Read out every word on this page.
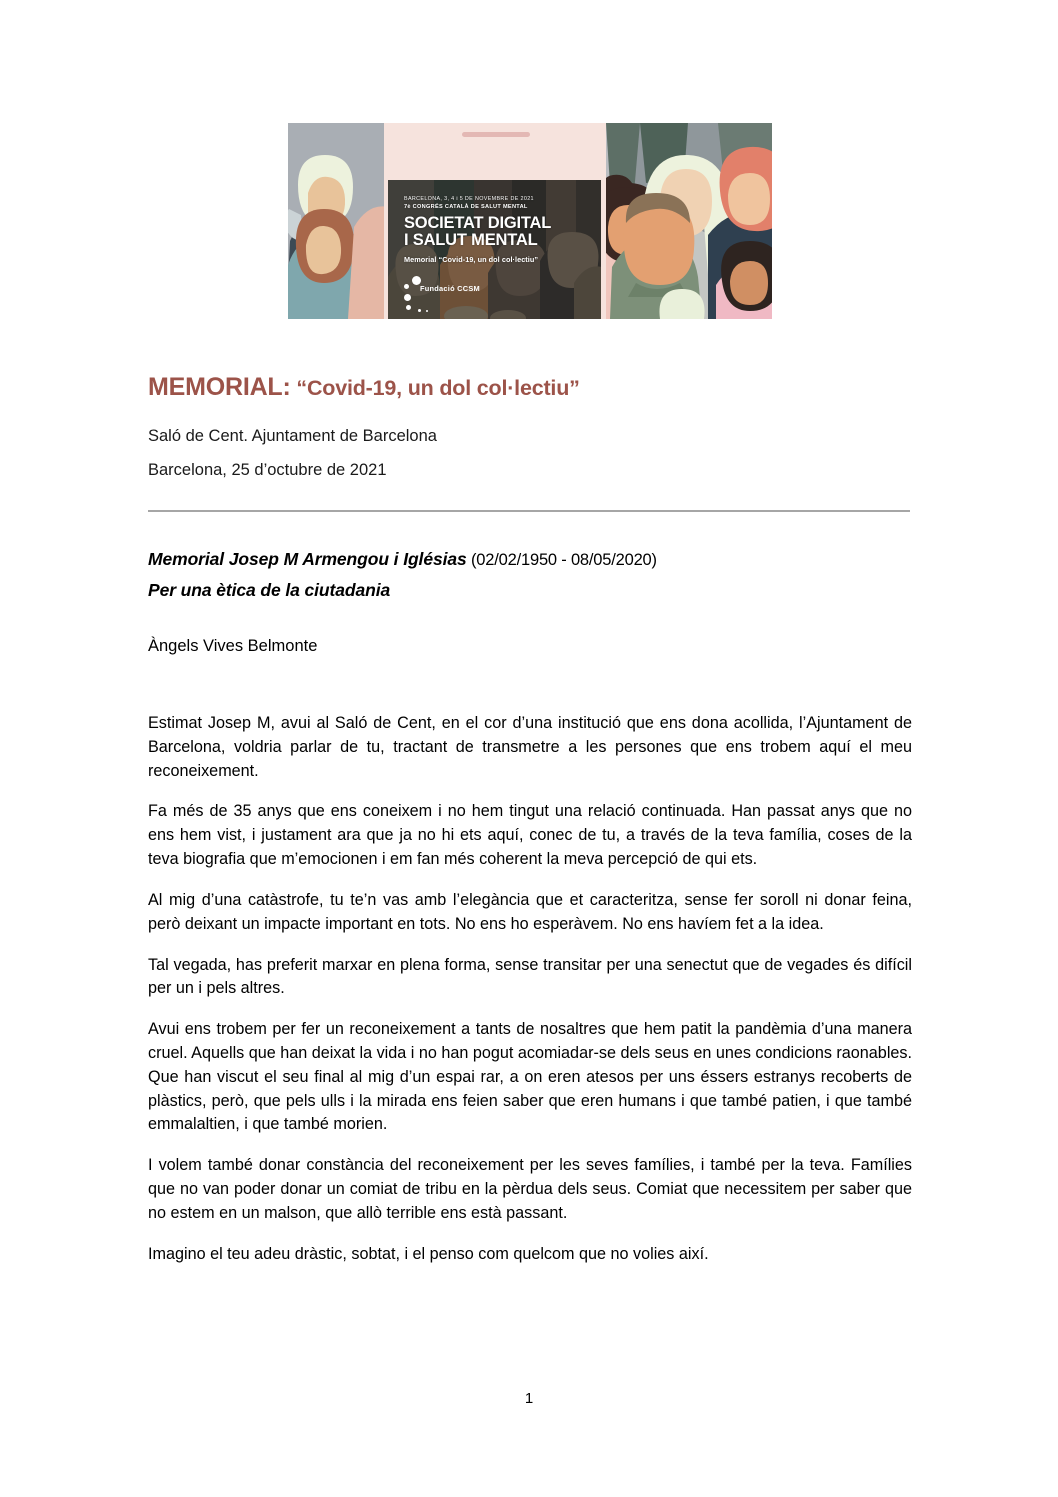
BARCELONA, 3, 4 i 5 DE NOVEMBRE DE 2021
7è CONGRÉS CATALÀ DE SALUT MENTAL
SOCIETAT DIGITAL
I SALUT MENTAL
Memorial “Covid-19, un dol col·lectiu”
Fundació CCSM
MEMORIAL: “Covid-19, un dol col·lectiu”
Saló de Cent. Ajuntament de Barcelona
Barcelona, 25 d’octubre de 2021
Memorial Josep M Armengou i Iglésias (02/02/1950 - 08/05/2020)
Per una ètica de la ciutadania
Àngels Vives Belmonte

Estimat Josep M, avui al Saló de Cent, en el cor d’una institució que ens dona acollida, l’Ajuntament de Barcelona, voldria parlar de tu, tractant de transmetre a les persones que ens trobem aquí el meu reconeixement.

Fa més de 35 anys que ens coneixem i no hem tingut una relació continuada. Han passat anys que no ens hem vist, i justament ara que ja no hi ets aquí, conec de tu, a través de la teva família, coses de la teva biografia que m’emocionen i em fan més coherent la meva percepció de qui ets.

Al mig d’una catàstrofe, tu te’n vas amb l’elegància que et caracteritza, sense fer soroll ni donar feina, però deixant un impacte important en tots. No ens ho esperàvem. No ens havíem fet a la idea.

Tal vegada, has preferit marxar en plena forma, sense transitar per una senectut que de vegades és difícil per un i pels altres.

Avui ens trobem per fer un reconeixement a tants de nosaltres que hem patit la pandèmia d’una manera cruel. Aquells que han deixat la vida i no han pogut acomiadar-se dels seus en unes condicions raonables. Que han viscut el seu final al mig d’un espai rar, a on eren atesos per uns éssers estranys recoberts de plàstics, però, que pels ulls i la mirada ens feien saber que eren humans i que també patien, i que també emmalaltien, i que també morien.

I volem també donar constància del reconeixement per les seves famílies, i també per la teva. Famílies que no van poder donar un comiat de tribu en la pèrdua dels seus. Comiat que necessitem per saber que no estem en un malson, que allò terrible ens està passant.

Imagino el teu adeu dràstic, sobtat, i el penso com quelcom que no volies així.

1
